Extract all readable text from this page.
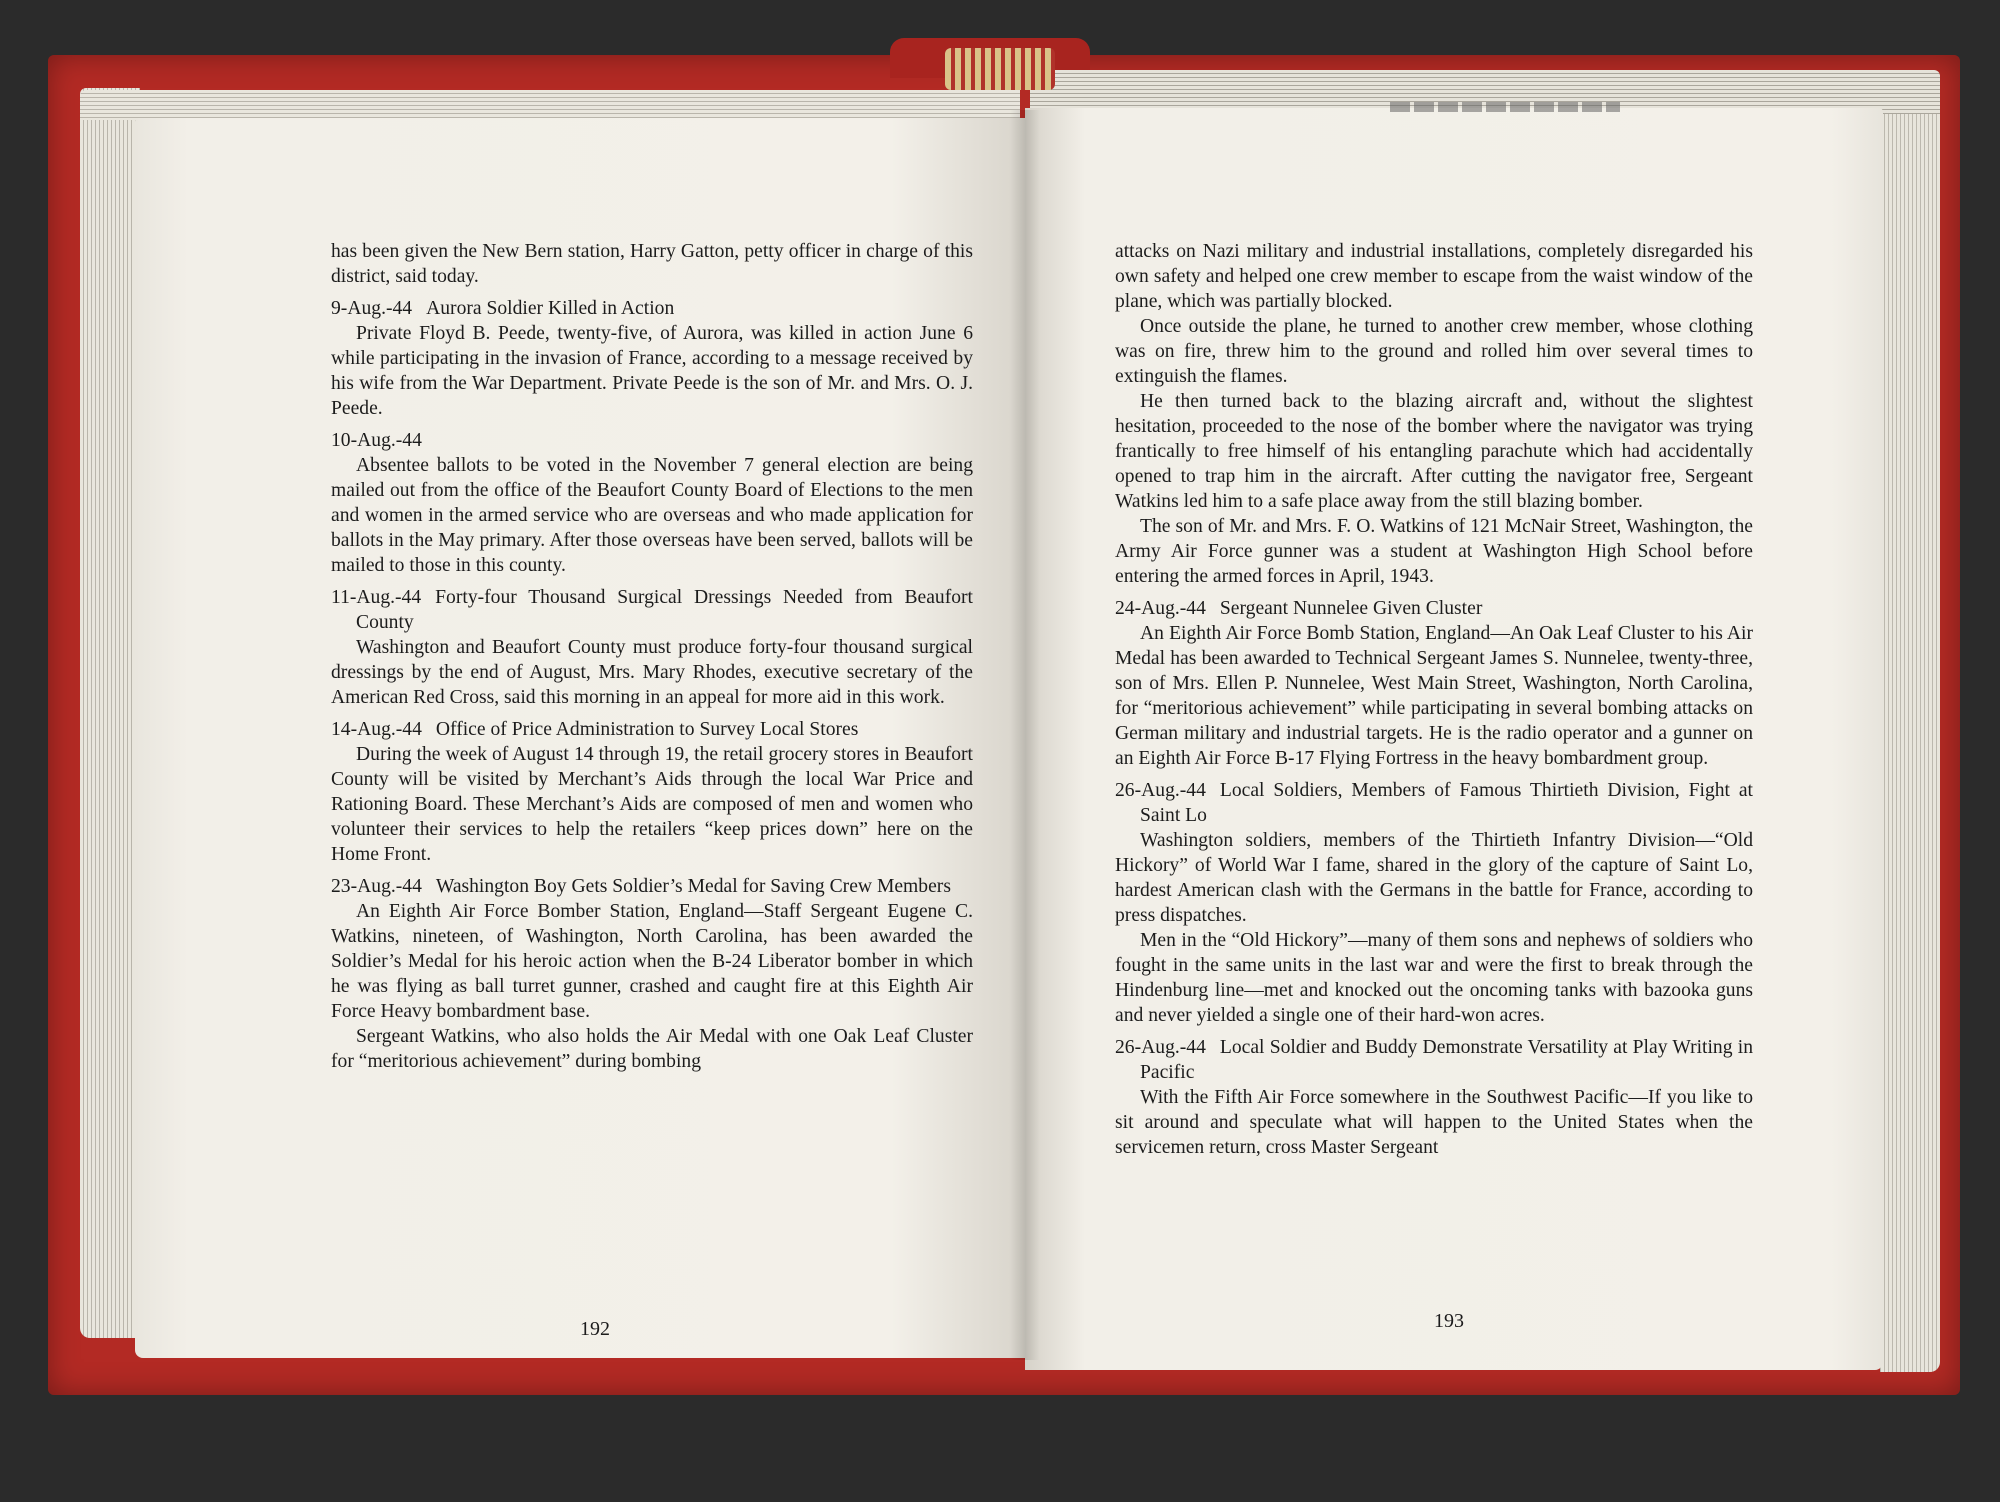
has been given the New Bern station, Harry Gatton, petty officer in charge of this district, said today.

9-Aug.-44 Aurora Soldier Killed in Action

Private Floyd B. Peede, twenty-five, of Aurora, was killed in action June 6 while participating in the invasion of France, according to a message received by his wife from the War Department. Private Peede is the son of Mr. and Mrs. O. J. Peede.

10-Aug.-44

Absentee ballots to be voted in the November 7 general election are being mailed out from the office of the Beaufort County Board of Elections to the men and women in the armed service who are overseas and who made application for ballots in the May primary. After those overseas have been served, ballots will be mailed to those in this county.

11-Aug.-44 Forty-four Thousand Surgical Dressings Needed from Beaufort County

Washington and Beaufort County must produce forty-four thousand surgical dressings by the end of August, Mrs. Mary Rhodes, executive secretary of the American Red Cross, said this morning in an appeal for more aid in this work.

14-Aug.-44 Office of Price Administration to Survey Local Stores

During the week of August 14 through 19, the retail grocery stores in Beaufort County will be visited by Merchant’s Aids through the local War Price and Rationing Board. These Merchant’s Aids are composed of men and women who volunteer their services to help the retailers “keep prices down” here on the Home Front.

23-Aug.-44 Washington Boy Gets Soldier’s Medal for Saving Crew Members

An Eighth Air Force Bomber Station, England—Staff Sergeant Eugene C. Watkins, nineteen, of Washington, North Carolina, has been awarded the Soldier’s Medal for his heroic action when the B-24 Liberator bomber in which he was flying as ball turret gunner, crashed and caught fire at this Eighth Air Force Heavy bombardment base.

Sergeant Watkins, who also holds the Air Medal with one Oak Leaf Cluster for “meritorious achievement” during bombing

192

attacks on Nazi military and industrial installations, completely disregarded his own safety and helped one crew member to escape from the waist window of the plane, which was partially blocked.

Once outside the plane, he turned to another crew member, whose clothing was on fire, threw him to the ground and rolled him over several times to extinguish the flames.

He then turned back to the blazing aircraft and, without the slightest hesitation, proceeded to the nose of the bomber where the navigator was trying frantically to free himself of his entangling parachute which had accidentally opened to trap him in the aircraft. After cutting the navigator free, Sergeant Watkins led him to a safe place away from the still blazing bomber.

The son of Mr. and Mrs. F. O. Watkins of 121 McNair Street, Washington, the Army Air Force gunner was a student at Washington High School before entering the armed forces in April, 1943.

24-Aug.-44 Sergeant Nunnelee Given Cluster

An Eighth Air Force Bomb Station, England—An Oak Leaf Cluster to his Air Medal has been awarded to Technical Sergeant James S. Nunnelee, twenty-three, son of Mrs. Ellen P. Nunnelee, West Main Street, Washington, North Carolina, for “meritorious achievement” while participating in several bombing attacks on German military and industrial targets. He is the radio operator and a gunner on an Eighth Air Force B-17 Flying Fortress in the heavy bombardment group.

26-Aug.-44 Local Soldiers, Members of Famous Thirtieth Division, Fight at Saint Lo

Washington soldiers, members of the Thirtieth Infantry Division—“Old Hickory” of World War I fame, shared in the glory of the capture of Saint Lo, hardest American clash with the Germans in the battle for France, according to press dispatches.

Men in the “Old Hickory”—many of them sons and nephews of soldiers who fought in the same units in the last war and were the first to break through the Hindenburg line—met and knocked out the oncoming tanks with bazooka guns and never yielded a single one of their hard-won acres.

26-Aug.-44 Local Soldier and Buddy Demonstrate Versatility at Play Writing in Pacific

With the Fifth Air Force somewhere in the Southwest Pacific—If you like to sit around and speculate what will happen to the United States when the servicemen return, cross Master Sergeant

193
